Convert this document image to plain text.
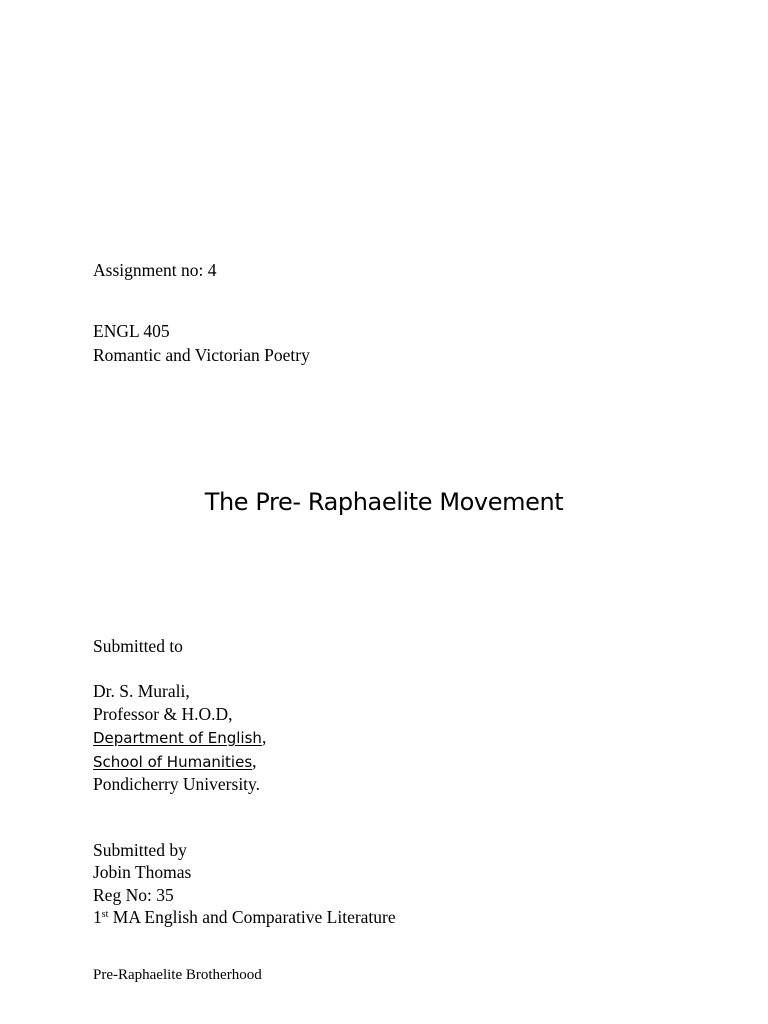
Assignment no: 4
ENGL 405
Romantic and Victorian Poetry
The Pre- Raphaelite Movement
Submitted to
Dr. S. Murali,
Professor & H.O.D,
Department of English,
School of Humanities,
Pondicherry University.
Submitted by
Jobin Thomas
Reg No: 35
1st MA English and Comparative Literature
Pre-Raphaelite Brotherhood
